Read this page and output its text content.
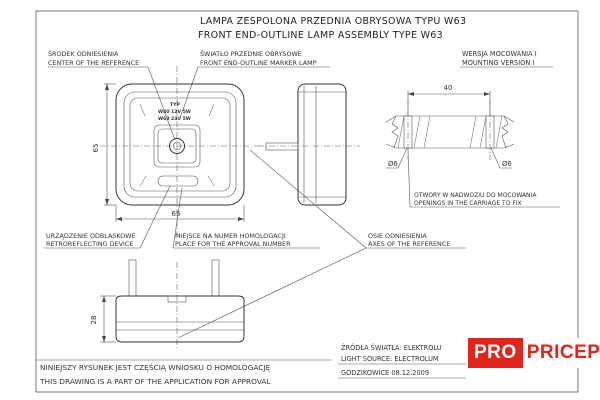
LAMPA ZESPOLONA PRZEDNIA OBRYSOWA TYPU W63
FRONT END-OUTLINE LAMP ASSEMBLY TYPE W63
ŚRODEK ODNIESIENIA
CENTER OF THE REFERENCE
ŚWIATŁO PRZEDNIE OBRYSOWE
FRONT END-OUTLINE MARKER LAMP
TYP
W40 12V 5W
W63 24V 5W
65
65
WERSJA MOCOWANIA I
MOUNTING VERSION I
40
Ø6	Ø6
OTWORY W NADWOZIU DO MOCOWANIA
OPENINGS IN THE CARRIAGE TO FIX
URZĄDZENIE ODBLASKOWE
RETROREFLECTING DEVICE
MIEJSCE NA NUMER HOMOLOGACJI
PLACE FOR THE APPROVAL NUMBER
OSIE ODNIESIENIA
AXES OF THE REFERENCE
28
NINIEJSZY RYSUNEK JEST CZĘŚCIĄ WNIOSKU O HOMOLOGACJĘ
THIS DRAWING IS A PART OF THE APPLICATION FOR APPROVAL
ŹRÓDŁA ŚWIATŁA: ELEKTROLU
LIGHT SOURCE: ELECTROLUM
GODZIKOWICE 08.12.2009
PRO PRICEP
